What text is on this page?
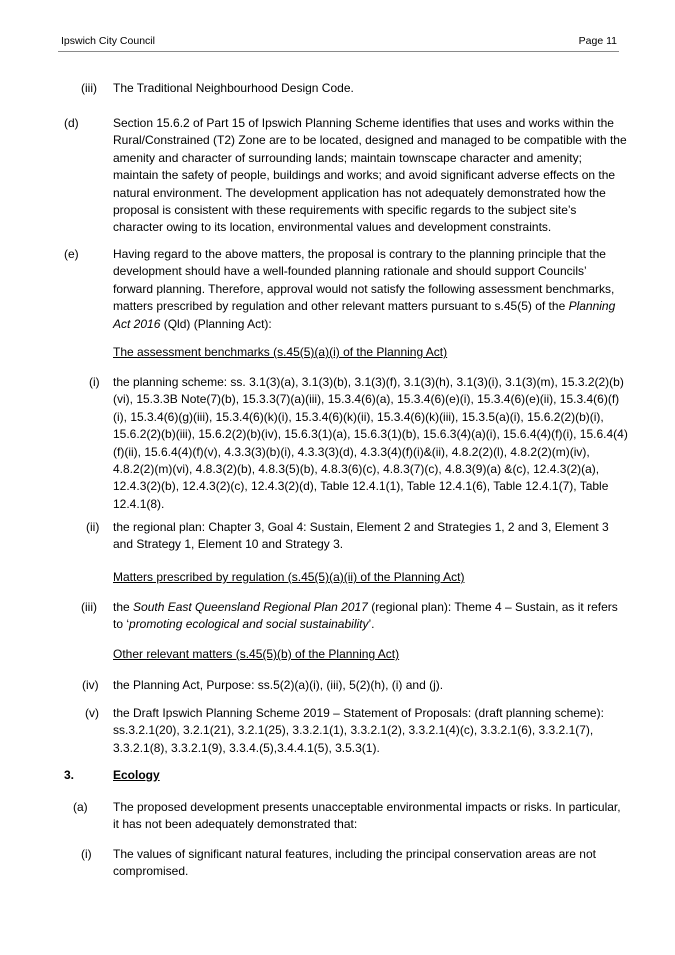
Ipswich City Council	Page 11
(iii) The Traditional Neighbourhood Design Code.
(d)	Section 15.6.2 of Part 15 of Ipswich Planning Scheme identifies that uses and works within the Rural/Constrained (T2) Zone are to be located, designed and managed to be compatible with the amenity and character of surrounding lands; maintain townscape character and amenity; maintain the safety of people, buildings and works; and avoid significant adverse effects on the natural environment. The development application has not adequately demonstrated how the proposal is consistent with these requirements with specific regards to the subject site’s character owing to its location, environmental values and development constraints.
(e)	Having regard to the above matters, the proposal is contrary to the planning principle that the development should have a well-founded planning rationale and should support Councils’ forward planning. Therefore, approval would not satisfy the following assessment benchmarks, matters prescribed by regulation and other relevant matters pursuant to s.45(5) of the Planning Act 2016 (Qld) (Planning Act):
The assessment benchmarks (s.45(5)(a)(i) of the Planning Act)
(i) the planning scheme: ss. 3.1(3)(a), 3.1(3)(b), 3.1(3)(f), 3.1(3)(h), 3.1(3)(i), 3.1(3)(m), 15.3.2(2)(b)(vi), 15.3.3B Note(7)(b), 15.3.3(7)(a)(iii), 15.3.4(6)(a), 15.3.4(6)(e)(i), 15.3.4(6)(e)(ii), 15.3.4(6)(f)(i), 15.3.4(6)(g)(iii), 15.3.4(6)(k)(i), 15.3.4(6)(k)(ii), 15.3.4(6)(k)(iii), 15.3.5(a)(i), 15.6.2(2)(b)(i), 15.6.2(2)(b)(iii), 15.6.2(2)(b)(iv), 15.6.3(1)(a), 15.6.3(1)(b), 15.6.3(4)(a)(i), 15.6.4(4)(f)(i), 15.6.4(4)(f)(ii), 15.6.4(4)(f)(v), 4.3.3(3)(b)(i), 4.3.3(3)(d), 4.3.3(4)(f)(i)&(ii), 4.8.2(2)(l), 4.8.2(2)(m)(iv), 4.8.2(2)(m)(vi), 4.8.3(2)(b), 4.8.3(5)(b), 4.8.3(6)(c), 4.8.3(7)(c), 4.8.3(9)(a) &(c), 12.4.3(2)(a), 12.4.3(2)(b), 12.4.3(2)(c), 12.4.3(2)(d), Table 12.4.1(1), Table 12.4.1(6), Table 12.4.1(7), Table 12.4.1(8).
(ii) the regional plan: Chapter 3, Goal 4: Sustain, Element 2 and Strategies 1, 2 and 3, Element 3 and Strategy 1, Element 10 and Strategy 3.
Matters prescribed by regulation (s.45(5)(a)(ii) of the Planning Act)
(iii) the South East Queensland Regional Plan 2017 (regional plan): Theme 4 – Sustain, as it refers to ‘promoting ecological and social sustainability’.
Other relevant matters (s.45(5)(b) of the Planning Act)
(iv) the Planning Act, Purpose: ss.5(2)(a)(i), (iii), 5(2)(h), (i) and (j).
(v) the Draft Ipswich Planning Scheme 2019 – Statement of Proposals: (draft planning scheme): ss.3.2.1(20), 3.2.1(21), 3.2.1(25), 3.3.2.1(1), 3.3.2.1(2), 3.3.2.1(4)(c), 3.3.2.1(6), 3.3.2.1(7), 3.3.2.1(8), 3.3.2.1(9), 3.3.4.(5),3.4.4.1(5), 3.5.3(1).
3.	Ecology
(a) The proposed development presents unacceptable environmental impacts or risks. In particular, it has not been adequately demonstrated that:
(i) The values of significant natural features, including the principal conservation areas are not compromised.
